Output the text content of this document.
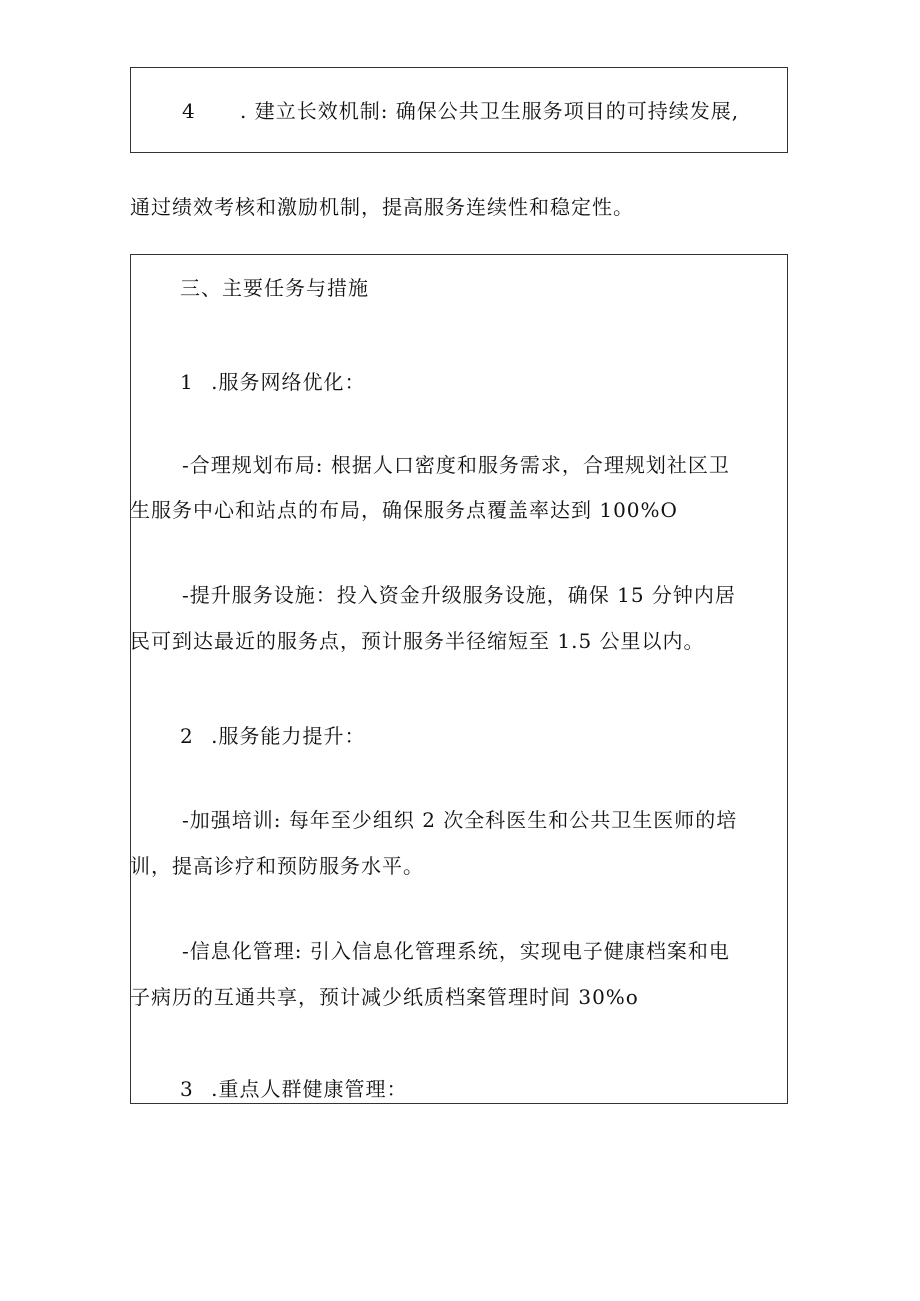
4 . 建立长效机制: 确保公共卫生服务项目的可持续发展,
通过绩效考核和激励机制，提高服务连续性和稳定性。
三、主要任务与措施
1 .服务网络优化：
-合理规划布局: 根据人口密度和服务需求，合理规划社区卫
生服务中心和站点的布局，确保服务点覆盖率达到 100%O
-提升服务设施：投入资金升级服务设施，确保 15 分钟内居
民可到达最近的服务点，预计服务半径缩短至 1.5 公里以内。
2 .服务能力提升：
-加强培训: 每年至少组织 2 次全科医生和公共卫生医师的培
训，提高诊疗和预防服务水平。
-信息化管理: 引入信息化管理系统，实现电子健康档案和电
子病历的互通共享，预计减少纸质档案管理时间 30%o
3 .重点人群健康管理：
